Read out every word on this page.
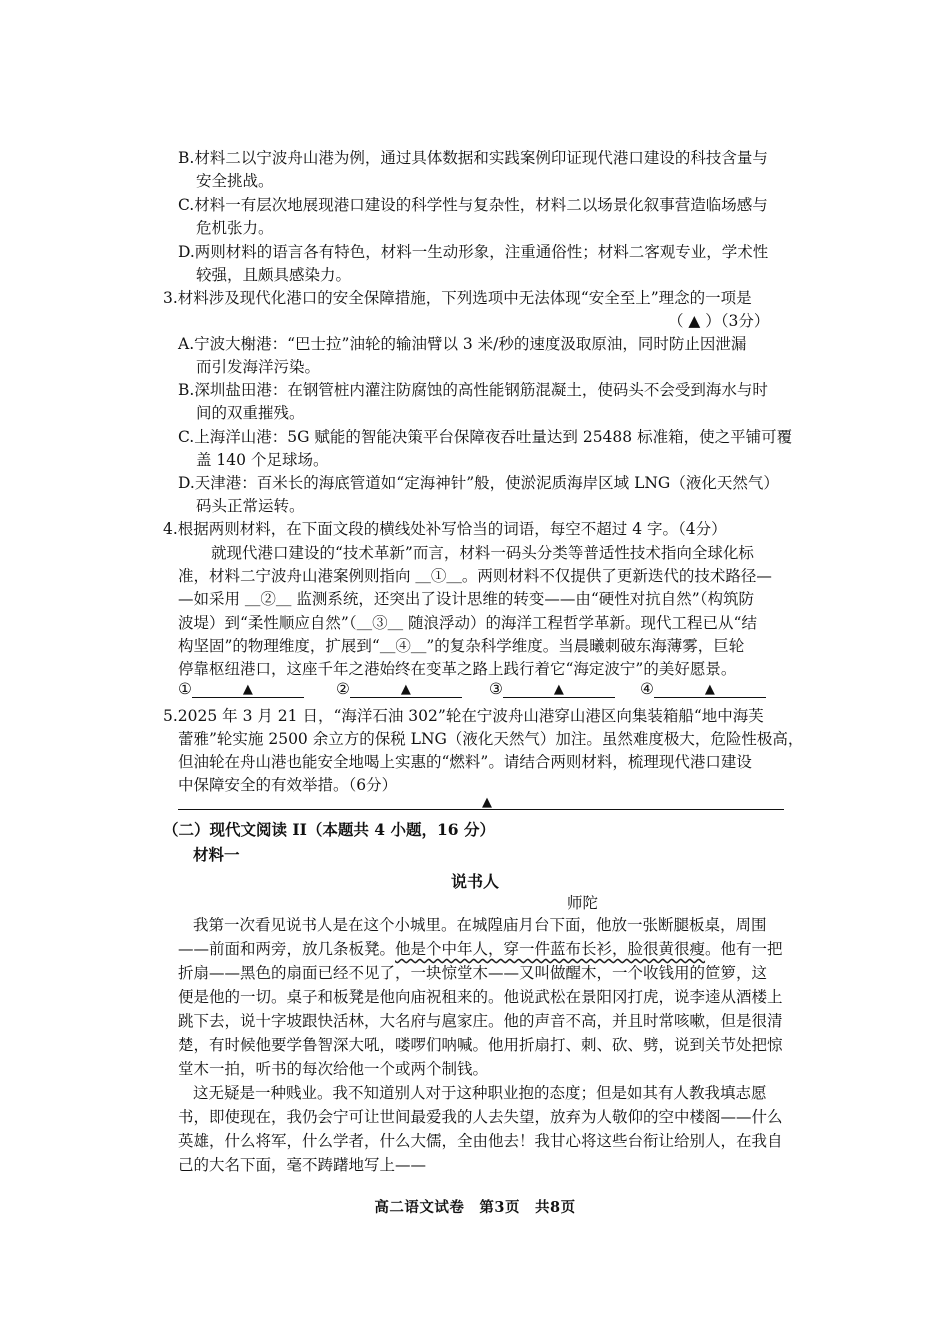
B.材料二以宁波舟山港为例，通过具体数据和实践案例印证现代港口建设的科技含量与
安全挑战。
C.材料一有层次地展现港口建设的科学性与复杂性，材料二以场景化叙事营造临场感与
危机张力。
D.两则材料的语言各有特色，材料一生动形象，注重通俗性；材料二客观专业，学术性
较强，且颇具感染力。
3.材料涉及现代化港口的安全保障措施，下列选项中无法体现“安全至上”理念的一项是
（ ▲ ）（3分）
A.宁波大榭港：“巴士拉”油轮的输油臂以 3 米/秒的速度汲取原油，同时防止因泄漏
而引发海洋污染。
B.深圳盐田港：在钢管桩内灌注防腐蚀的高性能钢筋混凝土，使码头不会受到海水与时
间的双重摧残。
C.上海洋山港：5G 赋能的智能决策平台保障夜吞吐量达到 25488 标准箱，使之平铺可覆
盖 140 个足球场。
D.天津港：百米长的海底管道如“定海神针”般，使淤泥质海岸区域 LNG（液化天然气）
码头正常运转。
4.根据两则材料，在下面文段的横线处补写恰当的词语，每空不超过 4 字。（4分）
就现代港口建设的“技术革新”而言，材料一码头分类等普适性技术指向全球化标
准，材料二宁波舟山港案例则指向 ＿①＿。两则材料不仅提供了更新迭代的技术路径—
—如采用 ＿②＿ 监测系统，还突出了设计思维的转变——由“硬性对抗自然”（构筑防
波堤）到“柔性顺应自然”（＿③＿ 随浪浮动）的海洋工程哲学革新。现代工程已从“结
构坚固”的物理维度，扩展到“＿④＿”的复杂科学维度。当晨曦刺破东海薄雾，巨轮
停靠枢纽港口，这座千年之港始终在变革之路上践行着它“海定波宁”的美好愿景。
①	▲	②	▲	③	▲	④	▲
5.2025 年 3 月 21 日，“海洋石油 302”轮在宁波舟山港穿山港区向集装箱船“地中海芙
蕾雅”轮实施 2500 余立方的保税 LNG（液化天然气）加注。虽然难度极大，危险性极高，
但油轮在舟山港也能安全地喝上实惠的“燃料”。请结合两则材料，梳理现代港口建设
中保障安全的有效举措。（6分）
▲
（二）现代文阅读 II（本题共 4 小题，16 分）
材料一
说书人
师陀
我第一次看见说书人是在这个小城里。在城隍庙月台下面，他放一张断腿板桌，周围
——前面和两旁，放几条板凳。他是个中年人，穿一件蓝布长衫，脸很黄很瘦。他有一把
折扇——黑色的扇面已经不见了，一块惊堂木——又叫做醒木，一个收钱用的笸箩，这
便是他的一切。桌子和板凳是他向庙祝租来的。他说武松在景阳冈打虎，说李逵从酒楼上
跳下去，说十字坡跟快活林，大名府与扈家庄。他的声音不高，并且时常咳嗽，但是很清
楚，有时候他要学鲁智深大吼，喽啰们呐喊。他用折扇打、刺、砍、劈，说到关节处把惊
堂木一拍，听书的每次给他一个或两个制钱。
这无疑是一种贱业。我不知道别人对于这种职业抱的态度；但是如其有人教我填志愿
书，即使现在，我仍会宁可让世间最爱我的人去失望，放弃为人敬仰的空中楼阁——什么
英雄，什么将军，什么学者，什么大儒，全由他去！我甘心将这些台衔让给别人，在我自
己的大名下面，毫不踌躇地写上——
高二语文试卷　第3页　共8页
